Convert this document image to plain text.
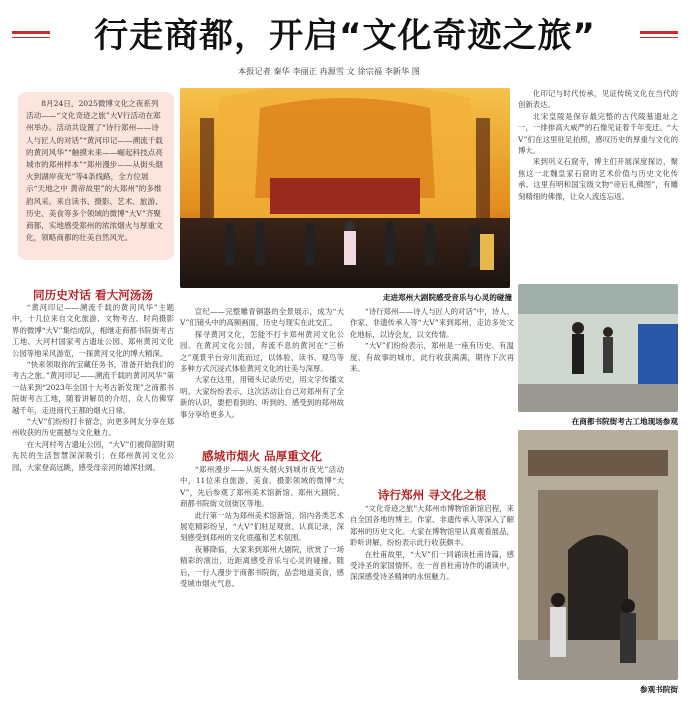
行走商都，开启“文化奇迹之旅”
本报记者 秦华 李丽正 冉源雪 文 徐宗福 李新华 图
8月24日，2025微博文化之夜系列活动——“文化奇迹之旅”大V行活动在郑州举办。活动共设置了“诗行郑州——诗人与匠人的对话”“黄河印记——溯流千载的黄河风华”“触摸未来——崛起科技点亮城市的郑州样本”“郑州漫步——从街头烟火到湖岸夜光”等4条线路，全方位展示“天地之中 黄帝故里”的大郑州”的多维韵风采。来自读书、摄影、艺术、旅游、历史、美食等多个领域的微博“大V”齐聚商都，实地感受郑州的浓浓烟火与厚重文化，领略商都的壮美自然风光。
走进郑州大剧院感受音乐与心灵的碰撞
在商都书院街考古工地现场参观
参观书院街
同历史对话 看大河汤汤
感城市烟火 品厚重文化
诗行郑州 寻文化之根

“黄河印记——溯流千载的黄河风华”主题中，十几位来自文化旅游、文物考古、时尚摄影界的微博“大V”集结成队，相继走商都书院街考古工地、大河村国家考古遗址公园、郑州黄河文化公园等地采风游览，一探黄河文化的博大精深。

“快来领取你的宝藏任务书，准备开始我们的考古之旅。”黄河印记——溯流千载的黄河风华”第一站来到“2023年全国十大考古新发现”之商都书院街考古工地，随着讲解员的介绍，众人仿佛穿越千年，走进商代王都的烟火日常。

“大V”们纷纷打卡留念，向更多网友分享在郑州收获的历史震撼与文化魅力。

在大河村考古遗址公园，“大V”们被仰韶时期先民的生活智慧深深吸引；在郑州黄河文化公园，大家登高远眺，感受母亲河的雄浑壮阔。

宣纪——完整雕青铜器的全景展示，成为“大V”们镜头中的高频画面，历史与现实在此交汇。

探寻黄河文化，怎能不打卡郑州黄河文化公园。在黄河文化公园，奔流不息的黄河在“三桥之”观景平台旁川流而过，以体验、读书、观鸟等多种方式沉浸式体验黄河文化的壮美与深厚。

大家在这里，用镜头记录历史，用文字传播文明。大家纷纷表示，这次活动让自己对郑州有了全新的认识，要把看到的、听到的、感受到的郑州故事分享给更多人。

“郑州漫步——从街头烟火到城市夜光”活动中，11位来自旅游、美食、摄影领域的微博“大V”，先后参观了郑州美术馆新馆、郑州大剧院、商都书院街文创街区等地。

此行第一站为郑州美术馆新馆，馆内各类艺术展览精彩纷呈，“大V”们驻足观赏、认真记录，深刻感受到郑州的文化底蕴和艺术氛围。

夜幕降临，大家来到郑州大剧院，欣赏了一场精彩的演出，近距离感受音乐与心灵的碰撞。随后，一行人漫步于商都书院街，品尝地道美食，感受城市烟火气息。

“诗行郑州——诗人与匠人的对话”中，诗人、作家、非遗传承人等“大V”来到郑州，走访多处文化地标，以诗会友，以文传情。

“大V”们纷纷表示，郑州是一座有历史、有温度、有故事的城市，此行收获满满，期待下次再来。

“文化奇迹之旅”大郑州市博物馆新馆启程，来自全国各地的博主、作家、非遗传承人等深入了解郑州的历史文化。大家在博物馆里认真观看展品，聆听讲解，纷纷表示此行收获颇丰。

在杜甫故里，“大V”们一同诵读杜甫诗篇，感受诗圣的家国情怀。在一首首杜甫诗作的诵读中，深深感受诗圣精神的永恒魅力。

化印记与时代传承，见证传统文化在当代的创新表达。

北宋皇陵是保存最完整的古代陵墓遗址之一，一排排高大威严的石像见证着千年变迁。“大V”们在这里驻足拍照，感叹历史的厚重与文化的博大。

来到巩义石窟寺，博主们开展深度探访，聚焦这一北魏皇家石窟的艺术价值与历史文化传承。这里有明和国宝级文物“帝后礼佛图”，有雕刻精细的佛像，让众人流连忘返。
